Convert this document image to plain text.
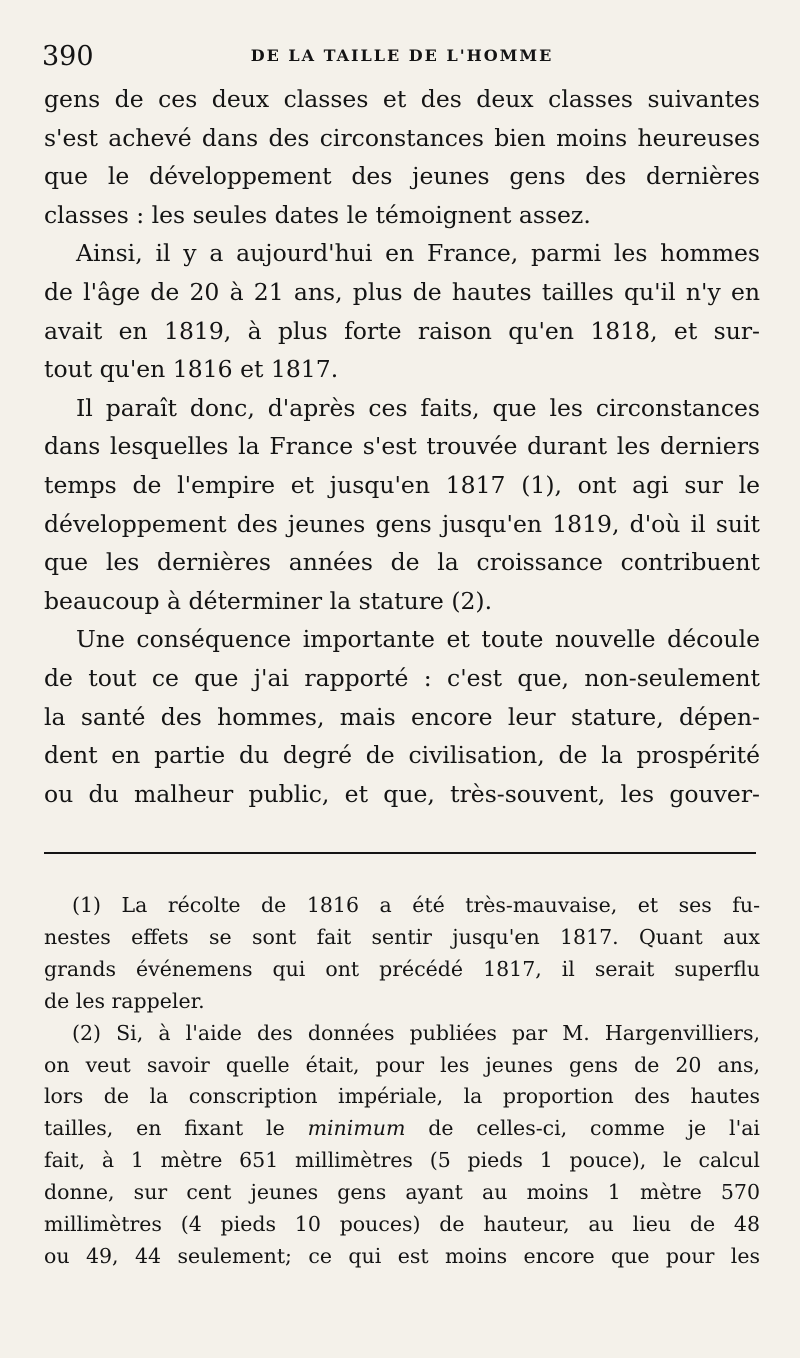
390	DE LA TAILLE DE L'HOMME

gens de ces deux classes et des deux classes suivantes

s'est achevé dans des circonstances bien moins heureuses

que le développement des jeunes gens des dernières

classes : les seules dates le témoignent assez.

Ainsi, il y a aujourd'hui en France, parmi les hommes

de l'âge de 20 à 21 ans, plus de hautes tailles qu'il n'y en

avait en 1819, à plus forte raison qu'en 1818, et sur-

tout qu'en 1816 et 1817.

Il paraît donc, d'après ces faits, que les circonstances

dans lesquelles la France s'est trouvée durant les derniers

temps de l'empire et jusqu'en 1817 (1), ont agi sur le

développement des jeunes gens jusqu'en 1819, d'où il suit

que les dernières années de la croissance contribuent

beaucoup à déterminer la stature (2).

Une conséquence importante et toute nouvelle découle

de tout ce que j'ai rapporté : c'est que, non-seulement

la santé des hommes, mais encore leur stature, dépen-

dent en partie du degré de civilisation, de la prospérité

ou du malheur public, et que, très-souvent, les gouver-

(1) La récolte de 1816 a été très-mauvaise, et ses fu-

nestes effets se sont fait sentir jusqu'en 1817. Quant aux

grands événemens qui ont précédé 1817, il serait superflu

de les rappeler.

(2) Si, à l'aide des données publiées par M. Hargenvilliers,

on veut savoir quelle était, pour les jeunes gens de 20 ans,

lors de la conscription impériale, la proportion des hautes

tailles, en fixant le minimum de celles-ci, comme je l'ai

fait, à 1 mètre 651 millimètres (5 pieds 1 pouce), le calcul

donne, sur cent jeunes gens ayant au moins 1 mètre 570

millimètres (4 pieds 10 pouces) de hauteur, au lieu de 48

ou 49, 44 seulement; ce qui est moins encore que pour les
